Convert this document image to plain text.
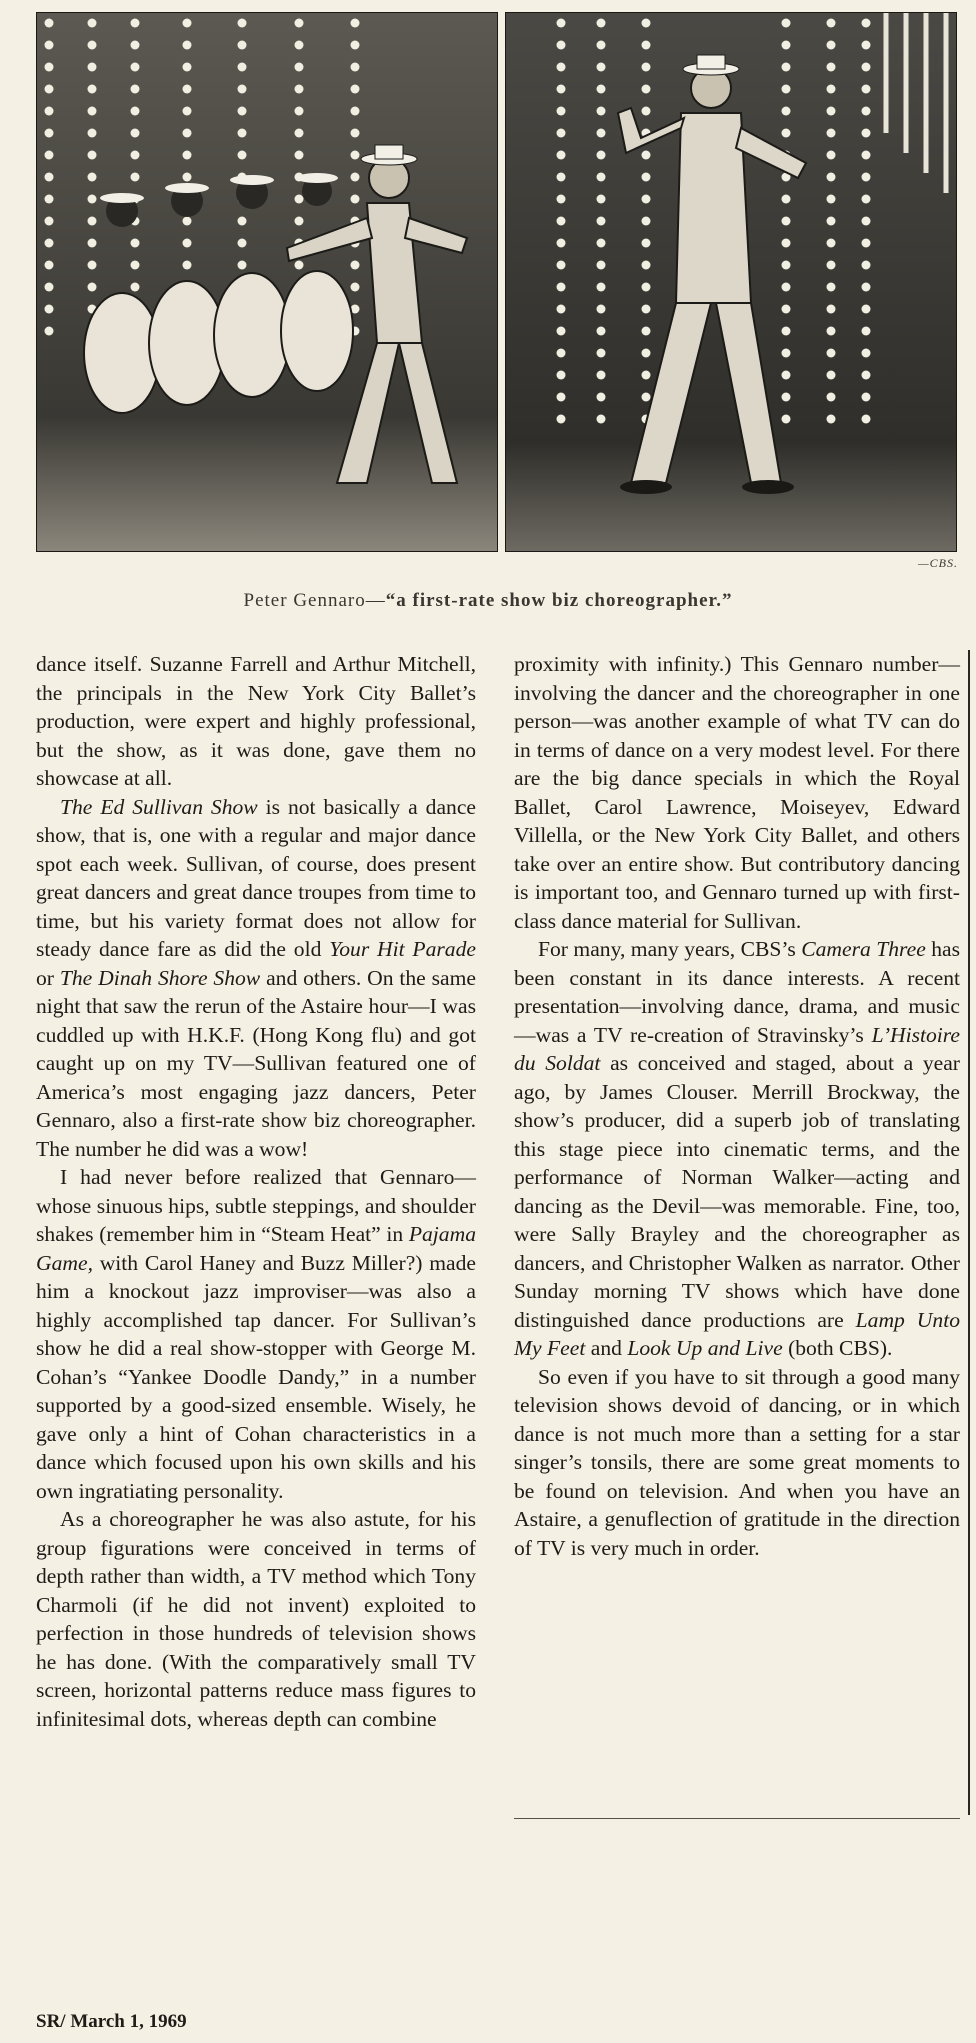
—CBS.
Peter Gennaro—“a first-rate show biz choreographer.”

dance itself. Suzanne Farrell and Arthur Mitchell, the principals in the New York City Ballet’s production, were expert and highly professional, but the show, as it was done, gave them no showcase at all.

The Ed Sullivan Show is not basically a dance show, that is, one with a regular and major dance spot each week. Sullivan, of course, does present great dancers and great dance troupes from time to time, but his variety format does not allow for steady dance fare as did the old Your Hit Parade or The Dinah Shore Show and others. On the same night that saw the rerun of the Astaire hour—I was cuddled up with H.K.F. (Hong Kong flu) and got caught up on my TV—Sullivan featured one of America’s most engaging jazz dancers, Peter Gennaro, also a first-rate show biz choreographer. The number he did was a wow!

I had never before realized that Gennaro—whose sinuous hips, subtle steppings, and shoulder shakes (remember him in “Steam Heat” in Pajama Game, with Carol Haney and Buzz Miller?) made him a knockout jazz improviser—was also a highly accomplished tap dancer. For Sullivan’s show he did a real show-stopper with George M. Cohan’s “Yankee Doodle Dandy,” in a number supported by a good-sized ensemble. Wisely, he gave only a hint of Cohan characteristics in a dance which focused upon his own skills and his own ingratiating personality.

As a choreographer he was also astute, for his group figurations were conceived in terms of depth rather than width, a TV method which Tony Charmoli (if he did not invent) exploited to perfection in those hundreds of television shows he has done. (With the comparatively small TV screen, horizontal patterns reduce mass figures to infinitesimal dots, whereas depth can combine

proximity with infinity.) This Gennaro number—involving the dancer and the choreographer in one person—was another example of what TV can do in terms of dance on a very modest level. For there are the big dance specials in which the Royal Ballet, Carol Lawrence, Moiseyev, Edward Villella, or the New York City Ballet, and others take over an entire show. But contributory dancing is important too, and Gennaro turned up with first-class dance material for Sullivan.

For many, many years, CBS’s Camera Three has been constant in its dance interests. A recent presentation—involving dance, drama, and music—was a TV re-creation of Stravinsky’s L’Histoire du Soldat as conceived and staged, about a year ago, by James Clouser. Merrill Brockway, the show’s producer, did a superb job of translating this stage piece into cinematic terms, and the performance of Norman Walker—acting and dancing as the Devil—was memorable. Fine, too, were Sally Brayley and the choreographer as dancers, and Christopher Walken as narrator. Other Sunday morning TV shows which have done distinguished dance productions are Lamp Unto My Feet and Look Up and Live (both CBS).

So even if you have to sit through a good many television shows devoid of dancing, or in which dance is not much more than a setting for a star singer’s tonsils, there are some great moments to be found on television. And when you have an Astaire, a genuflection of gratitude in the direction of TV is very much in order.

SR/ March 1, 1969
